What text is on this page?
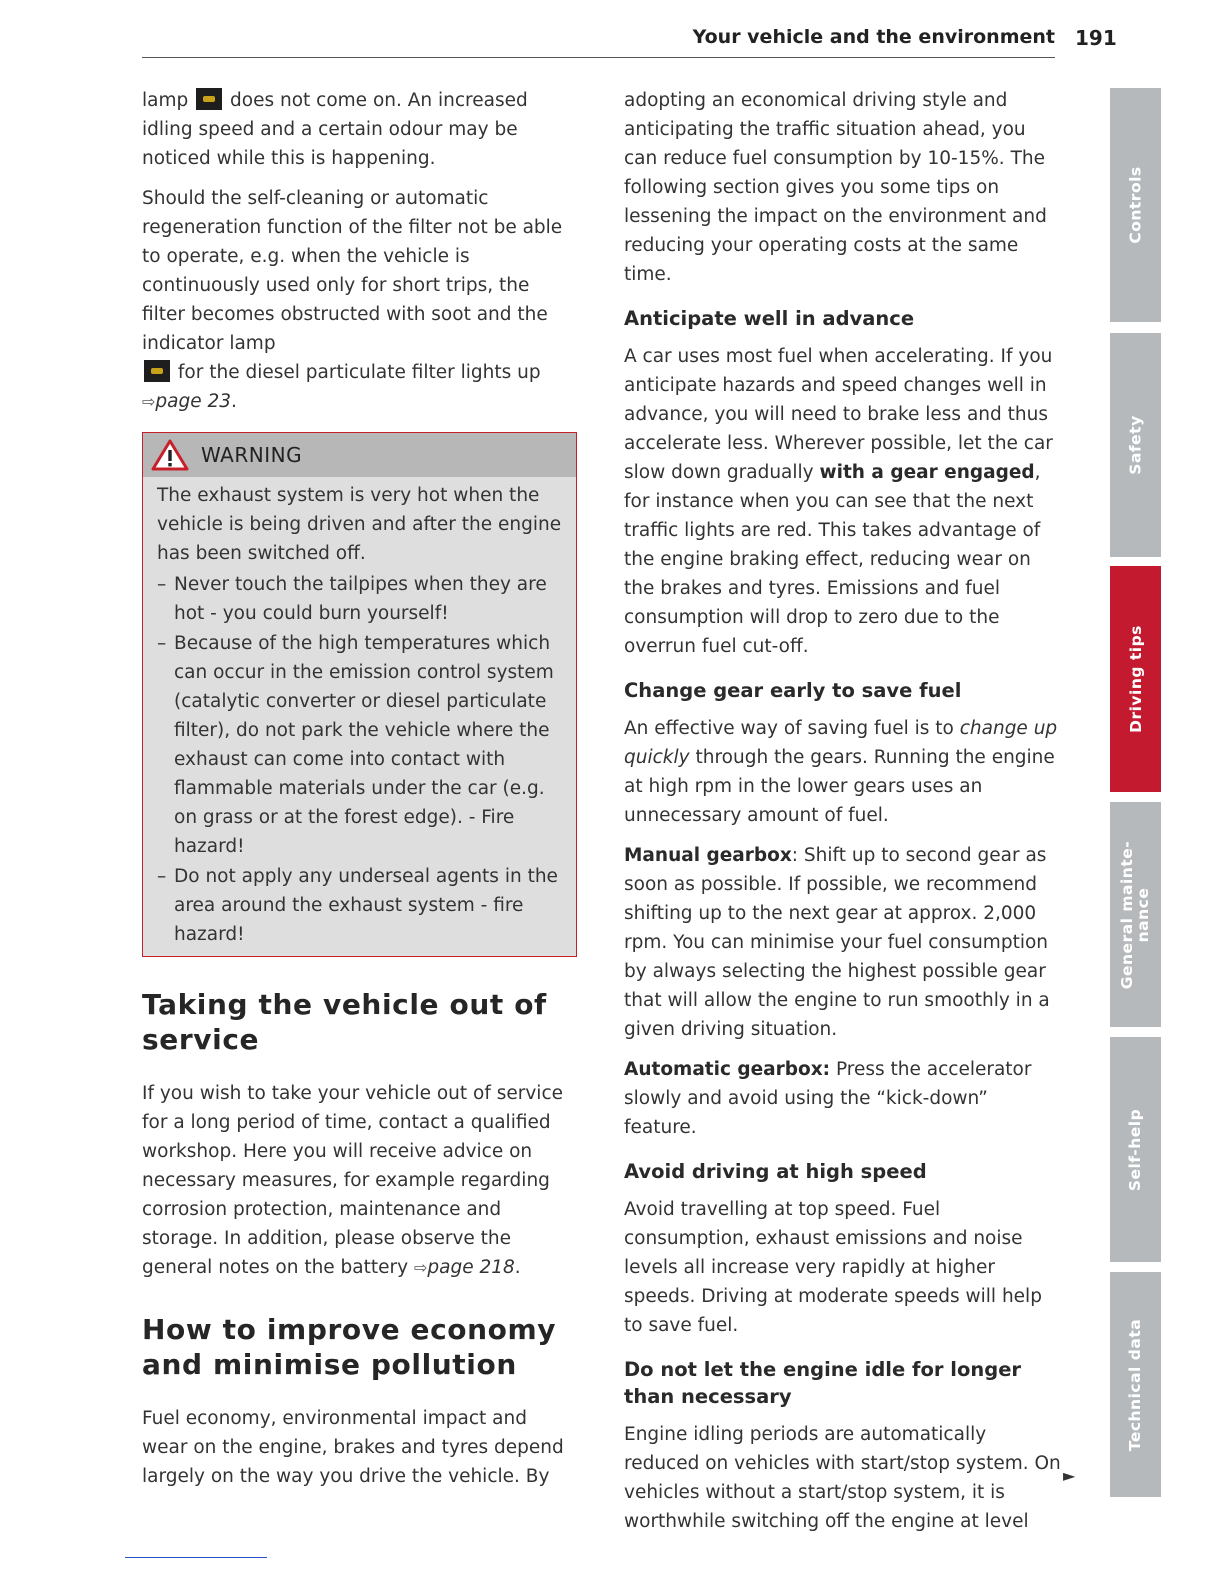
Your vehicle and the environment 191

lamp does not come on. An increased idling speed and a certain odour may be noticed while this is happening.

Should the self-cleaning or automatic regeneration function of the filter not be able to operate, e.g. when the vehicle is continuously used only for short trips, the filter becomes obstructed with soot and the indicator lamp
for the diesel particulate filter lights up
⇨page 23.

WARNING

The exhaust system is very hot when the vehicle is being driven and after the engine has been switched off.

– Never touch the tailpipes when they are hot - you could burn yourself!
– Because of the high temperatures which can occur in the emission control system (catalytic converter or diesel particulate filter), do not park the vehicle where the exhaust can come into contact with flammable materials under the car (e.g. on grass or at the forest edge). - Fire hazard!
– Do not apply any underseal agents in the area around the exhaust system - fire hazard!
Taking the vehicle out of service

If you wish to take your vehicle out of service for a long period of time, contact a qualified workshop. Here you will receive advice on necessary measures, for example regarding corrosion protection, maintenance and storage. In addition, please observe the general notes on the battery ⇨page 218.

How to improve economy and minimise pollution

Fuel economy, environmental impact and wear on the engine, brakes and tyres depend largely on the way you drive the vehicle. By

adopting an economical driving style and anticipating the traffic situation ahead, you can reduce fuel consumption by 10-15%. The following section gives you some tips on lessening the impact on the environment and reducing your operating costs at the same time.

Anticipate well in advance

A car uses most fuel when accelerating. If you anticipate hazards and speed changes well in advance, you will need to brake less and thus accelerate less. Wherever possible, let the car slow down gradually with a gear engaged, for instance when you can see that the next traffic lights are red. This takes advantage of the engine braking effect, reducing wear on the brakes and tyres. Emissions and fuel consumption will drop to zero due to the overrun fuel cut-off.

Change gear early to save fuel

An effective way of saving fuel is to change up quickly through the gears. Running the engine at high rpm in the lower gears uses an unnecessary amount of fuel.

Manual gearbox: Shift up to second gear as soon as possible. If possible, we recommend shifting up to the next gear at approx. 2,000 rpm. You can minimise your fuel consumption by always selecting the highest possible gear that will allow the engine to run smoothly in a given driving situation.

Automatic gearbox: Press the accelerator slowly and avoid using the “kick-down” feature.

Avoid driving at high speed

Avoid travelling at top speed. Fuel consumption, exhaust emissions and noise levels all increase very rapidly at higher speeds. Driving at moderate speeds will help to save fuel.

Do not let the engine idle for longer than necessary

Engine idling periods are automatically reduced on vehicles with start/stop system. On vehicles without a start/stop system, it is worthwhile switching off the engine at level

►
Controls
Safety
Driving tips
General mainte-
nance
Self-help
Technical data
